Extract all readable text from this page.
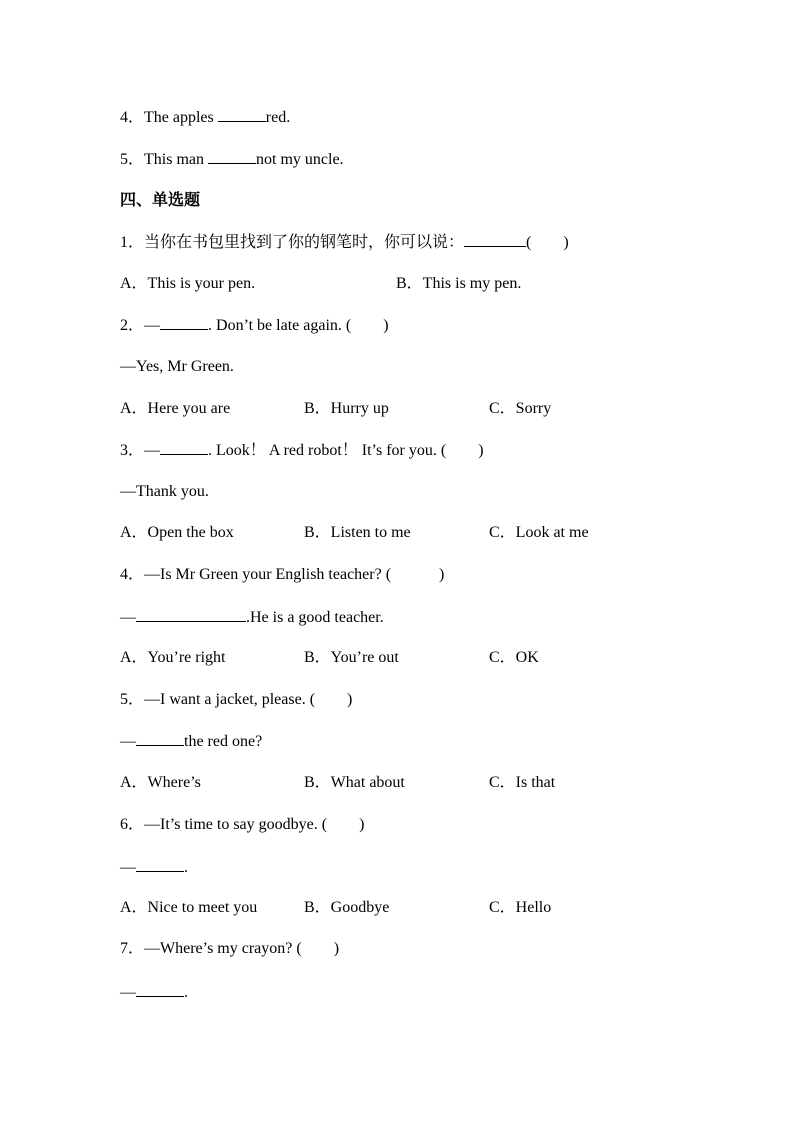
4．The apples	red.
5．This man	not my uncle.
四、单选题
1．当你在书包里找到了你的钢笔时，你可以说：	(        )

A．This is your pen.

	B．This is my pen.

2．—	. Don’t be late again. (        )
—Yes, Mr Green.

A．Here you are

	B．Hurry up

	C．Sorry

3．—	. Look！ A red robot！ It’s for you. (        )
—Thank you.

A．Open the box

	B．Listen to me

	C．Look at me

4．—Is Mr Green your English teacher? (            )
—	.He is a good teacher.

A．You’re right

	B．You’re out

	C．OK

5．—I want a jacket, please. (        )
—	the red one?

A．Where’s

	B．What about

	C．Is that

6．—It’s time to say goodbye. (        )
—	.

A．Nice to meet you

	B．Goodbye

	C．Hello

7．—Where’s my crayon? (        )
—	.
